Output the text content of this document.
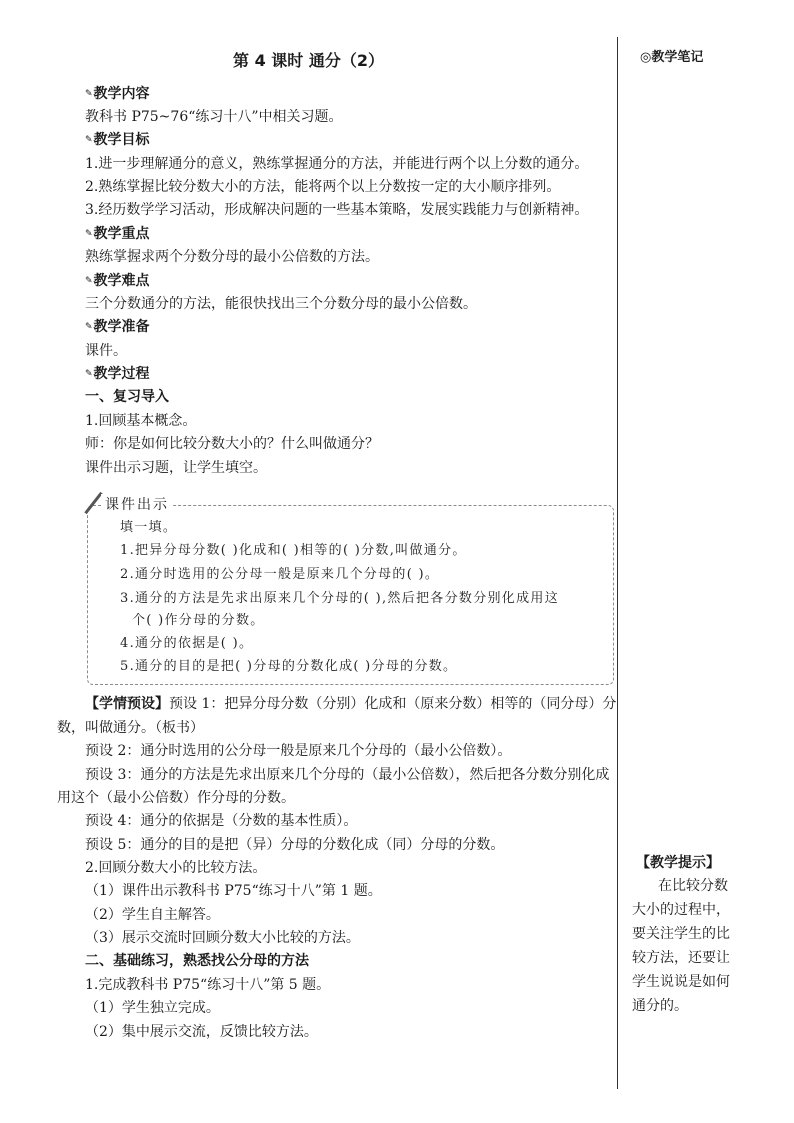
第 4 课时 通分（2）	◎教学笔记
✎教学内容
教科书 P75~76“练习十八”中相关习题。
✎教学目标
1.进一步理解通分的意义，熟练掌握通分的方法，并能进行两个以上分数的通分。
2.熟练掌握比较分数大小的方法，能将两个以上分数按一定的大小顺序排列。
3.经历数学学习活动，形成解决问题的一些基本策略，发展实践能力与创新精神。
✎教学重点
熟练掌握求两个分数分母的最小公倍数的方法。
✎教学难点
三个分数通分的方法，能很快找出三个分数分母的最小公倍数。
✎教学准备
课件。
✎教学过程
一、复习导入
1.回顾基本概念。
师：你是如何比较分数大小的？什么叫做通分？
课件出示习题，让学生填空。
课件出示
填一填。
1.把异分母分数( )化成和( )相等的( )分数,叫做通分。
2.通分时选用的公分母一般是原来几个分母的( )。
3.通分的方法是先求出原来几个分母的( ),然后把各分数分别化成用这
个( )作分母的分数。
4.通分的依据是( )。
5.通分的目的是把( )分母的分数化成( )分母的分数。
【学情预设】预设 1：把异分母分数（分别）化成和（原来分数）相等的（同分母）分
数，叫做通分。（板书）
预设 2：通分时选用的公分母一般是原来几个分母的（最小公倍数）。
预设 3：通分的方法是先求出原来几个分母的（最小公倍数），然后把各分数分别化成
用这个（最小公倍数）作分母的分数。
预设 4：通分的依据是（分数的基本性质）。
预设 5：通分的目的是把（异）分母的分数化成（同）分母的分数。
2.回顾分数大小的比较方法。
（1）课件出示教科书 P75“练习十八”第 1 题。
（2）学生自主解答。
（3）展示交流时回顾分数大小比较的方法。
二、基础练习，熟悉找公分母的方法
1.完成教科书 P75“练习十八”第 5 题。
（1）学生独立完成。
（2）集中展示交流，反馈比较方法。
【教学提示】
在比较分数
大小的过程中，
要关注学生的比
较方法，还要让
学生说说是如何
通分的。
